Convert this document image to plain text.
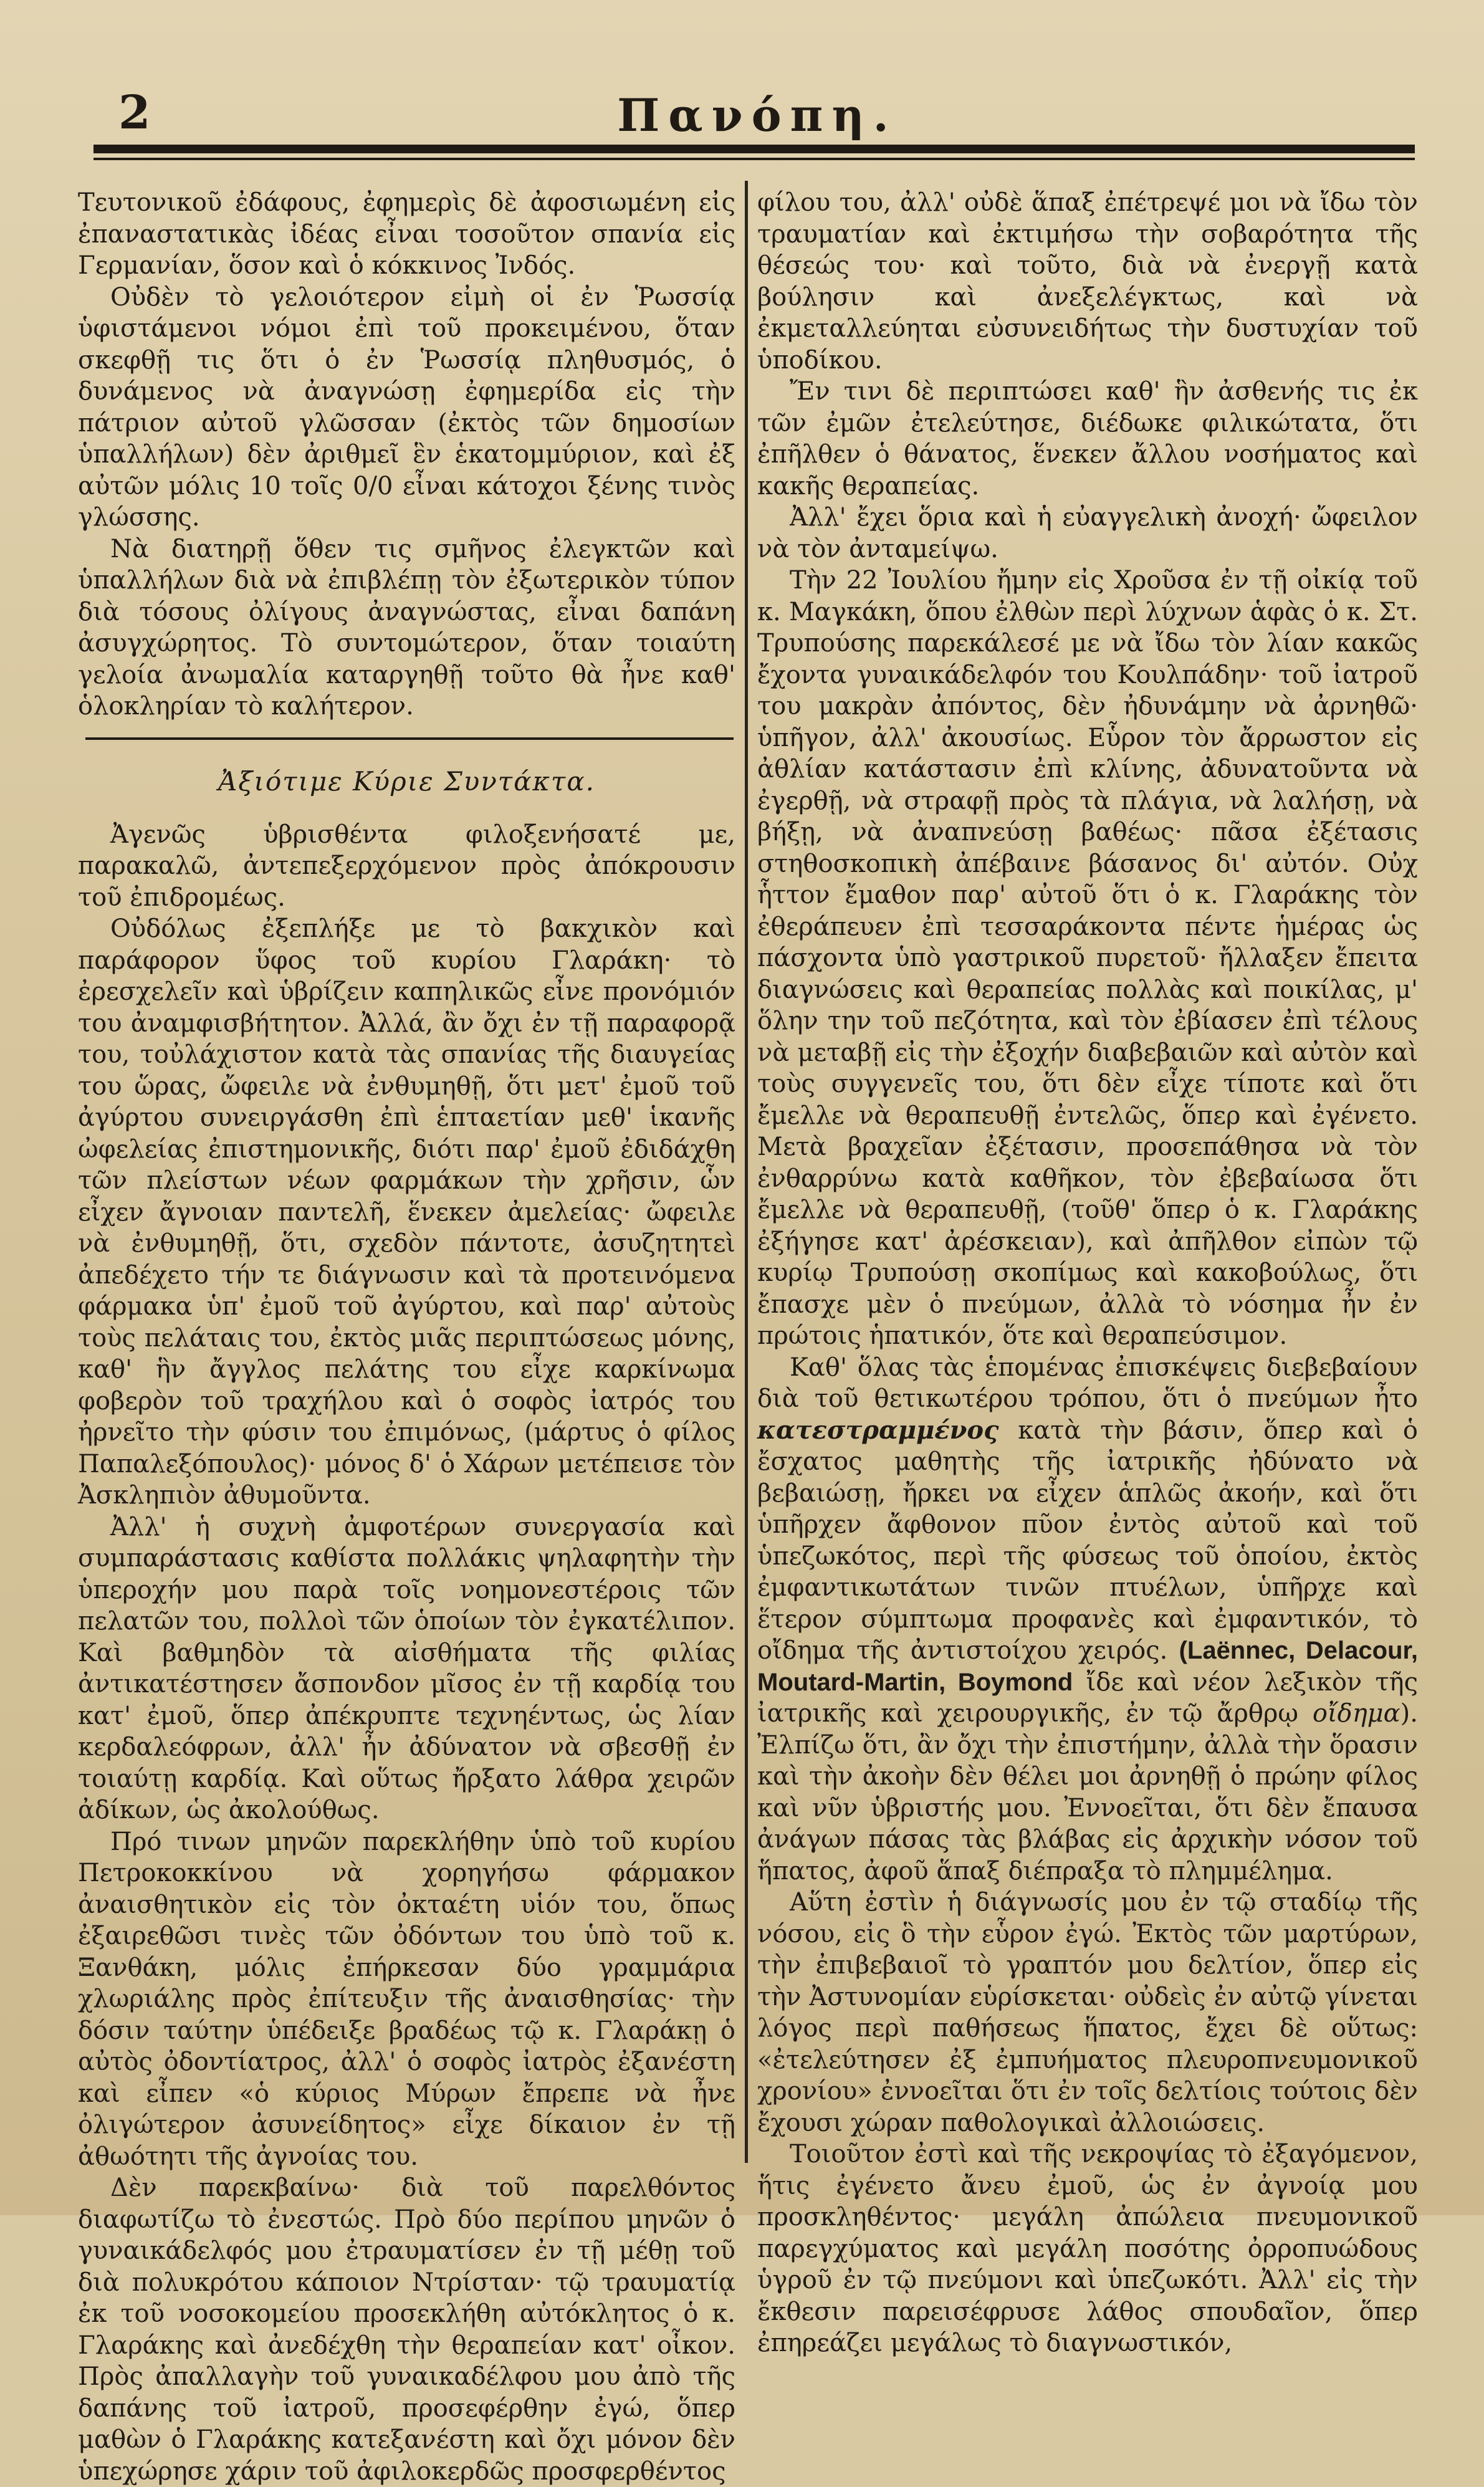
2	Πανόπη.

Τευτονικοῦ ἐδάφους, ἐφημερὶς δὲ ἀφοσιωμένη εἰς ἐπαναστατικὰς ἰδέας εἶναι τοσοῦτον σπανία εἰς Γερμανίαν, ὅσον καὶ ὁ κόκκινος Ἰνδός.

Οὐδὲν τὸ γελοιότερον εἰμὴ οἱ ἐν Ῥωσσίᾳ ὑφιστάμενοι νόμοι ἐπὶ τοῦ προκειμένου, ὅταν σκεφθῇ τις ὅτι ὁ ἐν Ῥωσσίᾳ πληθυσμός, ὁ δυνάμενος νὰ ἀναγνώσῃ ἐφημερίδα εἰς τὴν πάτριον αὐτοῦ γλῶσσαν (ἐκτὸς τῶν δημοσίων ὑπαλλήλων) δὲν ἀριθμεῖ ἓν ἑκατομμύριον, καὶ ἐξ αὐτῶν μόλις 10 τοῖς 0/0 εἶναι κάτοχοι ξένης τινὸς γλώσσης.

Νὰ διατηρῇ ὅθεν τις σμῆνος ἐλεγκτῶν καὶ ὑπαλλήλων διὰ νὰ ἐπιβλέπῃ τὸν ἐξωτερικὸν τύπον διὰ τόσους ὀλίγους ἀναγνώστας, εἶναι δαπάνη ἀσυγχώρητος. Τὸ συντομώτερον, ὅταν τοιαύτη γελοία ἀνωμαλία καταργηθῇ τοῦτο θὰ ἦνε καθ' ὁλοκληρίαν τὸ καλήτερον.

Ἀξιότιμε Κύριε Συντάκτα.

Ἀγενῶς ὑβρισθέντα φιλοξενήσατέ με, παρακαλῶ, ἀντεπεξερχόμενον πρὸς ἀπόκρουσιν τοῦ ἐπιδρομέως.

Οὐδόλως ἐξεπλήξε με τὸ βακχικὸν καὶ παράφορον ὕφος τοῦ κυρίου Γλαράκη· τὸ ἐρεσχελεῖν καὶ ὑβρίζειν καπηλικῶς εἶνε προνόμιόν του ἀναμφισβήτητον. Ἀλλά, ἂν ὄχι ἐν τῇ παραφορᾷ του, τοὐλάχιστον κατὰ τὰς σπανίας τῆς διαυγείας του ὥρας, ὤφειλε νὰ ἐνθυμηθῇ, ὅτι μετ' ἐμοῦ τοῦ ἀγύρτου συνειργάσθη ἐπὶ ἑπταετίαν μεθ' ἱκανῆς ὠφελείας ἐπιστημονικῆς, διότι παρ' ἐμοῦ ἐδιδάχθη τῶν πλείστων νέων φαρμάκων τὴν χρῆσιν, ὧν εἶχεν ἄγνοιαν παντελῆ, ἕνεκεν ἀμελείας· ὤφειλε νὰ ἐνθυμηθῇ, ὅτι, σχεδὸν πάντοτε, ἀσυζητητεὶ ἀπεδέχετο τήν τε διάγνωσιν καὶ τὰ προτεινόμενα φάρμακα ὑπ' ἐμοῦ τοῦ ἀγύρτου, καὶ παρ' αὐτοὺς τοὺς πελάταις του, ἐκτὸς μιᾶς περιπτώσεως μόνης, καθ' ἣν ἄγγλος πελάτης του εἶχε καρκίνωμα φοβερὸν τοῦ τραχήλου καὶ ὁ σοφὸς ἰατρός του ἠρνεῖτο τὴν φύσιν του ἐπιμόνως, (μάρτυς ὁ φίλος Παπαλεξόπουλος)· μόνος δ' ὁ Χάρων μετέπεισε τὸν Ἀσκληπιὸν ἀθυμοῦντα.

Ἀλλ' ἡ συχνὴ ἀμφοτέρων συνεργασία καὶ συμπαράστασις καθίστα πολλάκις ψηλαφητὴν τὴν ὑπεροχήν μου παρὰ τοῖς νοημονεστέροις τῶν πελατῶν του, πολλοὶ τῶν ὁποίων τὸν ἐγκατέλιπον. Καὶ βαθμηδὸν τὰ αἰσθήματα τῆς φιλίας ἀντικατέστησεν ἄσπονδον μῖσος ἐν τῇ καρδίᾳ του κατ' ἐμοῦ, ὅπερ ἀπέκρυπτε τεχνηέντως, ὡς λίαν κερδαλεόφρων, ἀλλ' ἦν ἀδύνατον νὰ σβεσθῇ ἐν τοιαύτῃ καρδίᾳ. Καὶ οὕτως ἤρξατο λάθρα χειρῶν ἀδίκων, ὡς ἀκολούθως.

Πρό τινων μηνῶν παρεκλήθην ὑπὸ τοῦ κυρίου Πετροκοκκίνου νὰ χορηγήσω φάρμακον ἀναισθητικὸν εἰς τὸν ὀκταέτη υἱόν του, ὅπως ἐξαιρεθῶσι τινὲς τῶν ὀδόντων του ὑπὸ τοῦ κ. Ξανθάκη, μόλις ἐπήρκεσαν δύο γραμμάρια χλωριάλης πρὸς ἐπίτευξιν τῆς ἀναισθησίας· τὴν δόσιν ταύτην ὑπέδειξε βραδέως τῷ κ. Γλαράκῃ ὁ αὐτὸς ὀδοντίατρος, ἀλλ' ὁ σοφὸς ἰατρὸς ἐξανέστη καὶ εἶπεν «ὁ κύριος Μύρων ἔπρεπε νὰ ἦνε ὀλιγώτερον ἀσυνείδητος» εἶχε δίκαιον ἐν τῇ ἀθωότητι τῆς ἀγνοίας του.

Δὲν παρεκβαίνω· διὰ τοῦ παρελθόντος διαφωτίζω τὸ ἐνεστώς. Πρὸ δύο περίπου μηνῶν ὁ γυναικάδελφός μου ἐτραυματίσεν ἐν τῇ μέθῃ τοῦ διὰ πολυκρότου κάποιον Ντρίσταν· τῷ τραυματίᾳ ἐκ τοῦ νοσοκομείου προσεκλήθη αὐτόκλητος ὁ κ. Γλαράκης καὶ ἀνεδέχθη τὴν θεραπείαν κατ' οἶκον. Πρὸς ἀπαλλαγὴν τοῦ γυναικαδέλφου μου ἀπὸ τῆς δαπάνης τοῦ ἰατροῦ, προσεφέρθην ἐγώ, ὅπερ μαθὼν ὁ Γλαράκης κατεξανέστη καὶ ὄχι μόνον δὲν ὑπεχώρησε χάριν τοῦ ἀφιλοκερδῶς προσφερθέντος

φίλου του, ἀλλ' οὐδὲ ἅπαξ ἐπέτρεψέ μοι νὰ ἴδω τὸν τραυματίαν καὶ ἐκτιμήσω τὴν σοβαρότητα τῆς θέσεώς του· καὶ τοῦτο, διὰ νὰ ἐνεργῇ κατὰ βούλησιν καὶ ἀνεξελέγκτως, καὶ νὰ ἐκμεταλλεύηται εὐσυνειδήτως τὴν δυστυχίαν τοῦ ὑποδίκου.

Ἔν τινι δὲ περιπτώσει καθ' ἣν ἀσθενής τις ἐκ τῶν ἐμῶν ἐτελεύτησε, διέδωκε φιλικώτατα, ὅτι ἐπῆλθεν ὁ θάνατος, ἕνεκεν ἄλλου νοσήματος καὶ κακῆς θεραπείας.

Ἀλλ' ἔχει ὅρια καὶ ἡ εὐαγγελικὴ ἀνοχή· ὤφειλον νὰ τὸν ἀνταμείψω.

Τὴν 22 Ἰουλίου ἤμην εἰς Χροῦσα ἐν τῇ οἰκίᾳ τοῦ κ. Μαγκάκη, ὅπου ἐλθὼν περὶ λύχνων ἁφὰς ὁ κ. Στ. Τρυπούσης παρεκάλεσέ με νὰ ἴδω τὸν λίαν κακῶς ἔχοντα γυναικάδελφόν του Κουλπάδην· τοῦ ἰατροῦ του μακρὰν ἀπόντος, δὲν ἠδυνάμην νὰ ἀρνηθῶ· ὑπῆγον, ἀλλ' ἀκουσίως. Εὗρον τὸν ἄρρωστον εἰς ἀθλίαν κατάστασιν ἐπὶ κλίνης, ἀδυνατοῦντα νὰ ἐγερθῇ, νὰ στραφῇ πρὸς τὰ πλάγια, νὰ λαλήσῃ, νὰ βήξῃ, νὰ ἀναπνεύσῃ βαθέως· πᾶσα ἐξέτασις στηθοσκοπικὴ ἀπέβαινε βάσανος δι' αὐτόν. Οὐχ ἧττον ἔμαθον παρ' αὐτοῦ ὅτι ὁ κ. Γλαράκης τὸν ἐθεράπευεν ἐπὶ τεσσαράκοντα πέντε ἡμέρας ὡς πάσχοντα ὑπὸ γαστρικοῦ πυρετοῦ· ἤλλαξεν ἔπειτα διαγνώσεις καὶ θεραπείας πολλὰς καὶ ποικίλας, μ' ὅλην την τοῦ πεζότητα, καὶ τὸν ἐβίασεν ἐπὶ τέλους νὰ μεταβῇ εἰς τὴν ἐξοχήν διαβεβαιῶν καὶ αὐτὸν καὶ τοὺς συγγενεῖς του, ὅτι δὲν εἶχε τίποτε καὶ ὅτι ἔμελλε νὰ θεραπευθῇ ἐντελῶς, ὅπερ καὶ ἐγένετο. Μετὰ βραχεῖαν ἐξέτασιν, προσεπάθησα νὰ τὸν ἐνθαρρύνω κατὰ καθῆκον, τὸν ἐβεβαίωσα ὅτι ἔμελλε νὰ θεραπευθῇ, (τοῦθ' ὅπερ ὁ κ. Γλαράκης ἐξήγησε κατ' ἀρέσκειαν), καὶ ἀπῆλθον εἰπὼν τῷ κυρίῳ Τρυπούσῃ σκοπίμως καὶ κακοβούλως, ὅτι ἔπασχε μὲν ὁ πνεύμων, ἀλλὰ τὸ νόσημα ἦν ἐν πρώτοις ἡπατικόν, ὅτε καὶ θεραπεύσιμον.

Καθ' ὅλας τὰς ἑπομένας ἐπισκέψεις διεβεβαίουν διὰ τοῦ θετικωτέρου τρόπου, ὅτι ὁ πνεύμων ἦτο κατεστραμμένος κατὰ τὴν βάσιν, ὅπερ καὶ ὁ ἔσχατος μαθητὴς τῆς ἰατρικῆς ἠδύνατο νὰ βεβαιώσῃ, ἤρκει να εἶχεν ἁπλῶς ἀκοήν, καὶ ὅτι ὑπῆρχεν ἄφθονον πῦον ἐντὸς αὐτοῦ καὶ τοῦ ὑπεζωκότος, περὶ τῆς φύσεως τοῦ ὁποίου, ἐκτὸς ἐμφαντικωτάτων τινῶν πτυέλων, ὑπῆρχε καὶ ἕτερον σύμπτωμα προφανὲς καὶ ἐμφαντικόν, τὸ οἴδημα τῆς ἀντιστοίχου χειρός. (Laënnec, Delacour, Moutard-Martin, Boymond ἴδε καὶ νέον λεξικὸν τῆς ἰατρικῆς καὶ χειρουργικῆς, ἐν τῷ ἄρθρῳ οἴδημα). Ἐλπίζω ὅτι, ἂν ὄχι τὴν ἐπιστήμην, ἀλλὰ τὴν ὅρασιν καὶ τὴν ἀκοὴν δὲν θέλει μοι ἀρνηθῇ ὁ πρώην φίλος καὶ νῦν ὑβριστής μου. Ἐννοεῖται, ὅτι δὲν ἔπαυσα ἀνάγων πάσας τὰς βλάβας εἰς ἀρχικὴν νόσον τοῦ ἥπατος, ἀφοῦ ἅπαξ διέπραξα τὸ πλημμέλημα.

Αὕτη ἐστὶν ἡ διάγνωσίς μου ἐν τῷ σταδίῳ τῆς νόσου, εἰς ὃ τὴν εὗρον ἐγώ. Ἐκτὸς τῶν μαρτύρων, τὴν ἐπιβεβαιοῖ τὸ γραπτόν μου δελτίον, ὅπερ εἰς τὴν Ἀστυνομίαν εὑρίσκεται· οὐδεὶς ἐν αὐτῷ γίνεται λόγος περὶ παθήσεως ἥπατος, ἔχει δὲ οὕτως: «ἐτελεύτησεν ἐξ ἐμπυήματος πλευροπνευμονικοῦ χρονίου» ἐννοεῖται ὅτι ἐν τοῖς δελτίοις τούτοις δὲν ἔχουσι χώραν παθολογικαὶ ἀλλοιώσεις.

Τοιοῦτον ἐστὶ καὶ τῆς νεκροψίας τὸ ἐξαγόμενον, ἥτις ἐγένετο ἄνευ ἐμοῦ, ὡς ἐν ἀγνοίᾳ μου προσκληθέντος· μεγάλη ἀπώλεια πνευμονικοῦ παρεγχύματος καὶ μεγάλη ποσότης ὀρροπυώδους ὑγροῦ ἐν τῷ πνεύμονι καὶ ὑπεζωκότι. Ἀλλ' εἰς τὴν ἔκθεσιν παρεισέφρυσε λάθος σπουδαῖον, ὅπερ ἐπηρεάζει μεγάλως τὸ διαγνωστικόν,
